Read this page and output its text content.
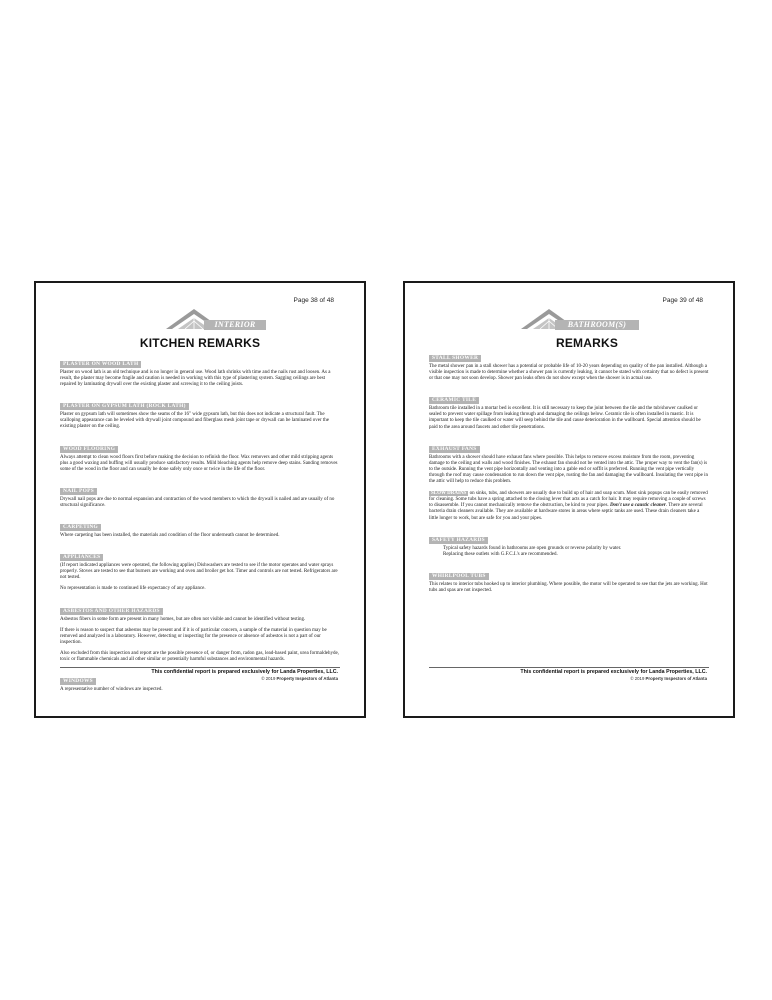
Page 38 of 48
INTERIOR
KITCHEN REMARKS
PLASTER ON WOOD LATH
Plaster on wood lath is an old technique and is no longer in general use. Wood lath shrinks with time and the nails rust and loosen. As a result, the plaster may become fragile and caution is needed in working with this type of plastering system. Sagging ceilings are best repaired by laminating drywall over the existing plaster and screwing it to the ceiling joists.
PLASTER ON GYPSUM LATH (ROCK LATH)
Plaster on gypsum lath will sometimes show the seams of the 16" wide gypsum lath, but this does not indicate a structural fault. The scalloping appearance can be leveled with drywall joint compound and fiberglass mesh joint tape or drywall can be laminated over the existing plaster on the ceiling.
WOOD FLOORING
Always attempt to clean wood floors first before making the decision to refinish the floor. Wax removers and other mild stripping agents plus a good waxing and buffing will usually produce satisfactory results. Mild bleaching agents help remove deep stains. Sanding removes some of the wood in the floor and can usually be done safely only once or twice in the life of the floor.
NAIL POPS
Drywall nail pops are due to normal expansion and contraction of the wood members to which the drywall is nailed and are usually of no structural significance.
CARPETING
Where carpeting has been installed, the materials and condition of the floor underneath cannot be determined.
APPLIANCES
(If report indicated appliances were operated, the following applies) Dishwashers are tested to see if the motor operates and water sprays properly. Stoves are tested to see that burners are working and oven and broiler get hot. Timer and controls are not tested. Refrigerators are not tested.
No representation is made to continued life expectancy of any appliance.
ASBESTOS AND OTHER HAZARDS
Asbestos fibers in some form are present in many homes, but are often not visible and cannot be identified without testing.
If there is reason to suspect that asbestos may be present and if it is of particular concern, a sample of the material in question may be removed and analyzed in a laboratory. However, detecting or inspecting for the presence or absence of asbestos is not a part of our inspection.
Also excluded from this inspection and report are the possible presence of, or danger from, radon gas, lead-based paint, urea formaldehyde, toxic or flammable chemicals and all other similar or potentially harmful substances and environmental hazards.
WINDOWS
A representative number of windows are inspected.
This confidential report is prepared exclusively for Landa Properties, LLC.
© 2019 Property Inspectors of Atlanta
Page 39 of 48
BATHROOM(S)
REMARKS
STALL SHOWER
The metal shower pan in a stall shower has a potential or probable life of 10-20 years depending on quality of the pan installed. Although a visible inspection is made to determine whether a shower pan is currently leaking, it cannot be stated with certainty that no defect is present or that one may not soon develop. Shower pan leaks often do not show except when the shower is in actual use.
CERAMIC TILE
Bathroom tile installed in a mortar bed is excellent. It is still necessary to keep the joint between the tile and the tub/shower caulked or sealed to prevent water spillage from leaking through and damaging the ceilings below. Ceramic tile is often installed in mastic. It is important to keep the tile caulked or water will seep behind the tile and cause deterioration in the wallboard. Special attention should be paid to the area around faucets and other tile penetrations.
EXHAUST FANS
Bathrooms with a shower should have exhaust fans where possible. This helps to remove excess moisture from the room, preventing damage to the ceiling and walls and wood finishes. The exhaust fan should not be vented into the attic. The proper way to vent the fan(s) is to the outside. Running the vent pipe horizontally and venting into a gable end or soffit is preferred. Running the vent pipe vertically through the roof may cause condensation to run down the vent pipe, rusting the fan and damaging the wallboard. Insulating the vent pipe in the attic will help to reduce this problem.
SLOW DRAINS on sinks, tubs, and showers are usually due to build up of hair and soap scum. Most sink popups can be easily removed for cleaning. Some tubs have a spring attached to the closing lever that acts as a catch for hair. It may require removing a couple of screws to disassemble. If you cannot mechanically remove the obstruction, be kind to your pipes. Don't use a caustic cleaner. There are several bacteria drain cleaners available. They are available at hardware stores in areas where septic tanks are used. These drain cleaners take a little longer to work, but are safe for you and your pipes.
SAFETY HAZARDS
Typical safety hazards found in bathrooms are open grounds or reverse polarity by water.
Replacing these outlets with G.F.C.I.'s are recommended.
WHIRLPOOL TUBS
This relates to interior tubs hooked up to interior plumbing. Where possible, the motor will be operated to see that the jets are working. Hot tubs and spas are not inspected.
This confidential report is prepared exclusively for Landa Properties, LLC.
© 2019 Property Inspectors of Atlanta
